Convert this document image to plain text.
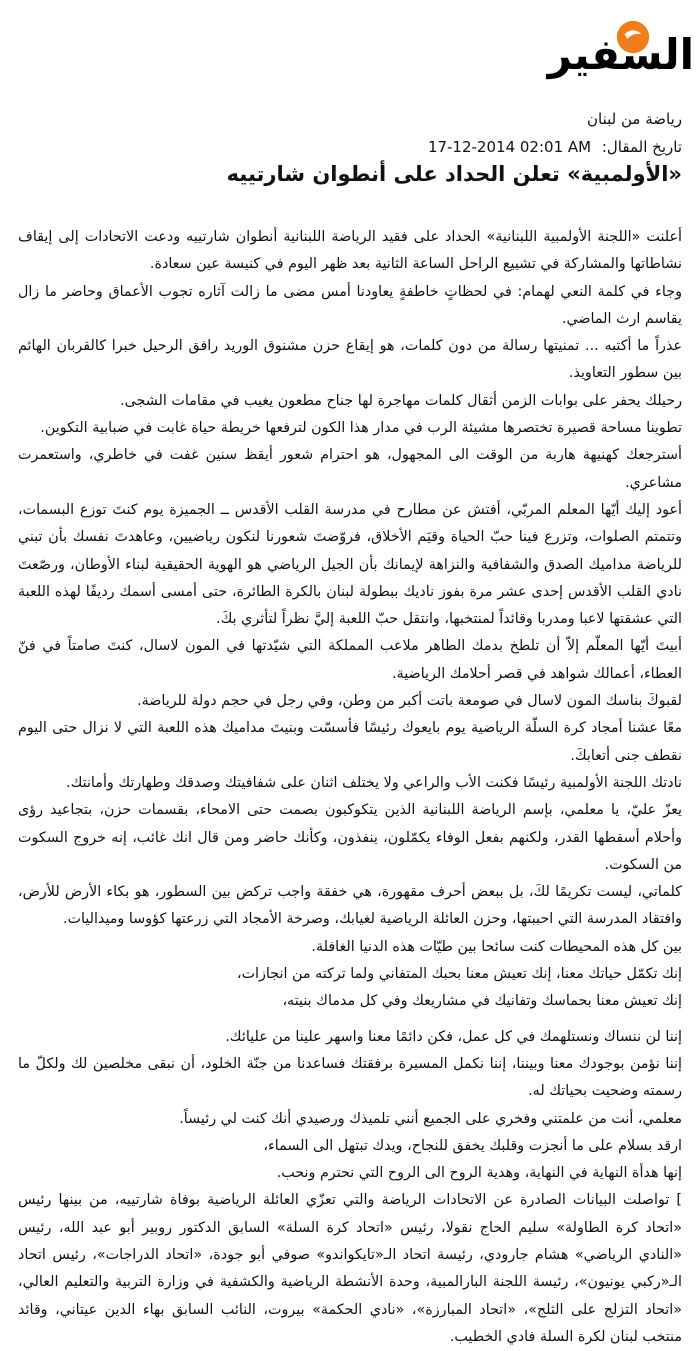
السفير
رياضة من لبنان
تاريخ المقال: 17-12-2014 02:01 AM
«الأولمبية» تعلن الحداد على أنطوان شارتييه

أعلنت «اللجنة الأولمبية اللبنانية» الحداد على فقيد الرياضة اللبنانية أنطوان شارتييه ودعت الاتحادات إلى إيقاف نشاطاتها والمشاركة في تشييع الراحل الساعة الثانية بعد ظهر اليوم في كنيسة عين سعادة.

وجاء في كلمة النعي لهمام: في لحظاتٍ خاطفةٍ يعاودنا أمس مضى ما زالت آثاره تجوب الأعماق وحاضر ما زال يقاسم ارث الماضي.

عذراً ما أكتبه ... تمنيتها رسالة من دون كلمات، هو إيقاع حزن مشنوق الوريد رافق الرحيل خبرا كالقربان الهائم بين سطور التعاويذ.

رحيلك يحفر على بوابات الزمن أثقال كلمات مهاجرة لها جناح مطعون يغيب في مقامات الشجى.

تطوينا مساحة قصيرة تختصرها مشيئة الرب في مدار هذا الكون لترفعها خريطة حياة غابت في ضبابية التكوين.

أسترجعك كهنيهة هاربة من الوقت الى المجهول، هو احترام شعور أيقظ سنين غفت في خاطري، واستعمرت مشاعري.

أعود إليك أيّها المعلم المربّي، أفتش عن مطارح في مدرسة القلب الأقدس ــ الجميزة يوم كنتَ توزع البسمات، وتتمتم الصلوات، وتزرع فينا حبّ الحياة وقيَم الأخلاق، فروّضتَ شعورنا لنكون رياضيين، وعاهدتَ نفسك بأن تبني للرياضة مداميك الصدق والشفافية والنزاهة لإيمانك بأن الجيل الرياضي هو الهوية الحقيقية لبناء الأوطان، ورصّعتَ نادي القلب الأقدس إحدى عشر مرة بفوز ناديك ببطولة لبنان بالكرة الطائرة، حتى أمسى أسمك رديفًا لهذه اللعبة التي عشقتها لاعبا ومدربا وقائداً لمنتخبها، وانتقل حبّ اللعبة إليَّ نظراً لتأثري بكَ.

أبيتَ أيّها المعلّم إلاّ أن تلطخ بدمك الطاهر ملاعب المملكة التي شيّدتها في المون لاسال، كنتَ صامتاً في فنّ العطاء، أعمالك شواهد في قصر أحلامك الرياضية.

لقبوكَ بناسك المون لاسال في صومعة باتت أكبر من وطن، وفي رجل في حجم دولة للرياضة.

معًا عشنا أمجاد كرة السلّة الرياضية يوم بايعوك رئيسًا فأسسّت وبنيتَ مداميك هذه اللعبة التي لا نزال حتى اليوم نقطف جنى أتعابكَ.

نادتك اللجنة الأولمبية رئيسًا فكنت الأب والراعي ولا يختلف اثنان على شفافيتك وصدقك وطهارتك وأمانتك.

يعزّ عليّ، يا معلمي، بإسم الرياضة اللبنانية الذين يتكوكبون بصمت حتى الامحاء، بقسمات حزن، بتجاعيد رؤى وأحلام أسقطها القدر، ولكنهم بفعل الوفاء يكمّلون، ينفذون، وكأنك حاضر ومن قال انك غائب، إنه خروج السكوت من السكوت.

كلماتي، ليست تكريمًا لكَ، بل ببعض أحرف مقهورة، هي خفقة واجب تركض بين السطور، هو بكاء الأرض للأرض، وافتقاد المدرسة التي احببتها، وحزن العائلة الرياضية لغيابك، وصرخة الأمجاد التي زرعتها كؤوسا وميداليات.

بين كل هذه المحيطات كنت سائحا بين طيّات هذه الدنيا الغافلة.

إنك تكمّل حياتك معنا، إنك تعيش معنا بحبك المتفاني ولما تركته من انجازات،

إنك تعيش معنا بحماسك وتفانيك في مشاريعك وفي كل مدماك بنيته،

إننا لن ننساك ونستلهمك في كل عمل، فكن دائمًا معنا واسهر علينا من عليائك.

إننا نؤمن بوجودك معنا وبيننا، إننا نكمل المسيرة برفقتك فساعدنا من جنّة الخلود، أن نبقى مخلصين لك ولكلّ ما رسمته وضحيت بحياتك له.

معلمي، أنت من علمتني وفخري على الجميع أنني تلميذك ورصيدي أنك كنت لي رئيساً.

ارقد بسلام على ما أنجزت وقلبك يخفق للنجاح، ويدك تبتهل الى السماء،

إنها هدأة النهاية في النهاية، وهدية الروح الى الروح التي نحترم ونحب.

] تواصلت البيانات الصادرة عن الاتحادات الرياضة والتي تعزّي العائلة الرياضية بوفاة شارتييه، من بينها رئيس «اتحاد كرة الطاولة» سليم الحاج نقولا، رئيس «اتحاد كرة السلة» السابق الدكتور روبير أبو عبد الله، رئيس «النادي الرياضي» هشام جارودي، رئيسة اتحاد الـ«تايكواندو» صوفي أبو جودة، «اتحاد الدراجات»، رئيس اتحاد الـ«ركبي يونيون»، رئيسة اللجنة البارالمبية، وحدة الأنشطة الرياضية والكشفية في وزارة التربية والتعليم العالي، «اتحاد التزلج على الثلج»، «اتحاد المبارزة»، «نادي الحكمة» بيروت، النائب السابق بهاء الدين عيتاني، وقائد منتخب لبنان لكرة السلة فادي الخطيب.
